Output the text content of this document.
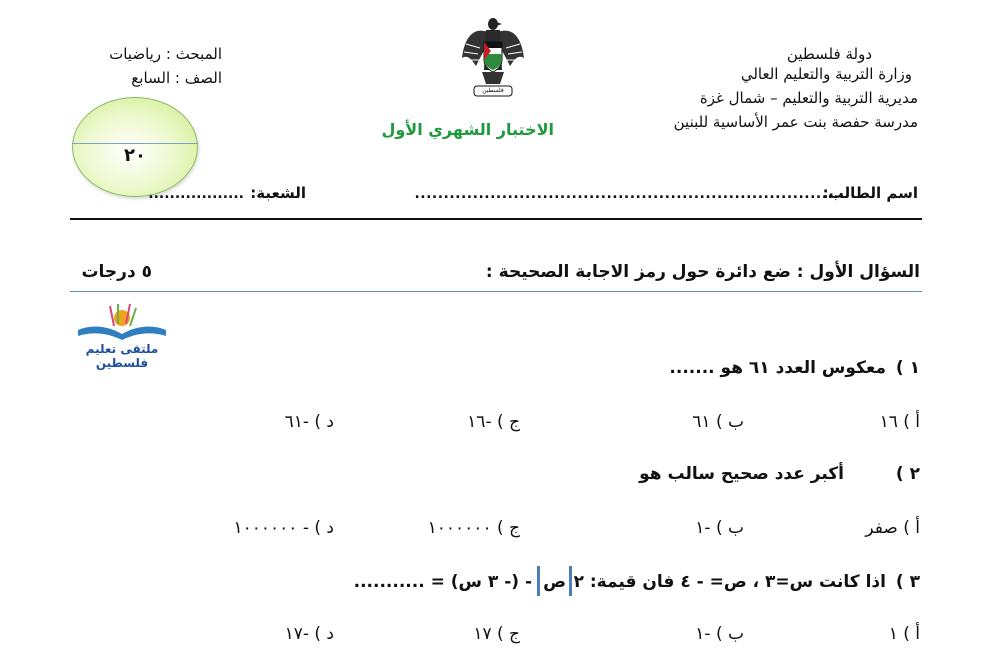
دولة فلسطين
وزارة التربية والتعليم العالي
مديرية التربية والتعليم – شمال غزة
مدرسة حفصة بنت عمر الأساسية للبنين
المبحث : رياضيات
الصف : السابع
فلسطين
الاختبار الشهري الأول
٢٠
اسم الطالب:
..........................................................................
الشعبة:
..................
السؤال الأول : ضع دائرة حول رمز الاجابة الصحيحة :
٥ درجات
ملتقى تعليم فلسطين	١ )
معكوس العدد ٦١ هو .......
أ ) ١٦
ب ) ٦١
ج ) -١٦
د ) -٦١
٢ )
أكبر عدد صحيح سالب هو
أ ) صفر
ب ) -١
ج ) ١٠٠٠٠٠٠
د ) - ١٠٠٠٠٠٠
٣ )
اذا كانت س=٣ ، ص= - ٤ فان قيمة: ٢
ص
- (- ٣ س) = ...........
أ ) ١
ب ) -١
ج ) ١٧
د ) -١٧
